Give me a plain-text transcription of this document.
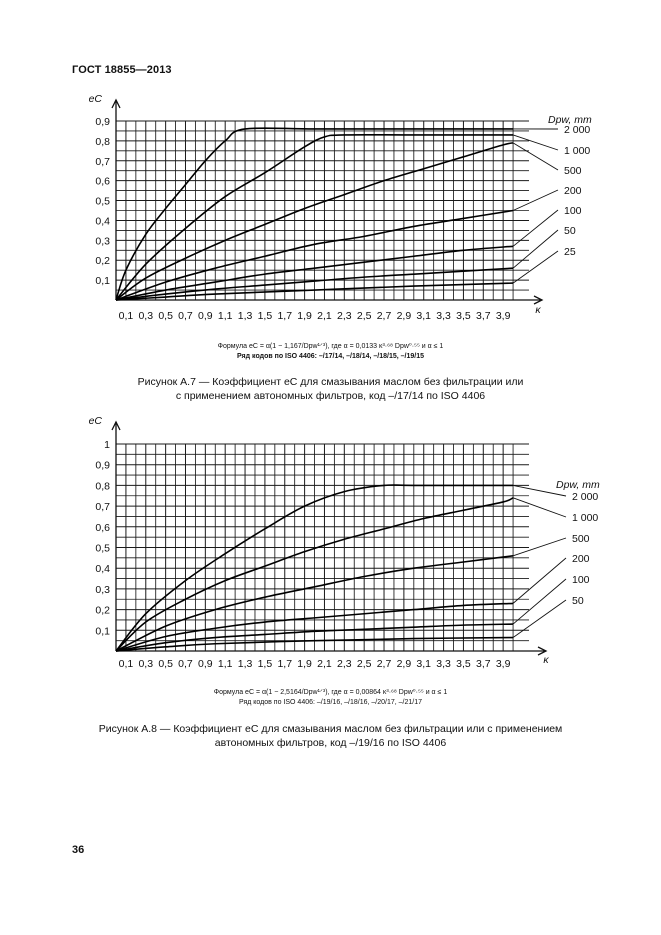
ГОСТ 18855—2013
0,1
0,2
0,3
0,4
0,5
0,6
0,7
0,8
0,9
eC
0,1 0,3 0,5 0,7 0,9 1,1 1,3 1,5 1,7 1,9 2,1 2,3 2,5 2,7 2,9 3,1 3,3 3,5 3,7 3,9 κ
Dpw, mm
2 000
1 000
500
200
100
50
25
Формула eC = α(1 − 1,167/Dpw¹ᐟ³), где α = 0,0133 κ³·⁶⁸ Dpw⁰·⁵⁵ и α ≤ 1
Ряд кодов по ISO 4406: –/17/14, –/18/14, –/18/15, –/19/15
Рисунок А.7 — Коэффициент eC для смазывания маслом без фильтрации или
с применением автономных фильтров, код –/17/14 по ISO 4406
0,1
0,2
0,3
0,4
0,5
0,6
0,7
0,8
0,9
1
eC
0,1 0,3 0,5 0,7 0,9 1,1 1,3 1,5 1,7 1,9 2,1 2,3 2,5 2,7 2,9 3,1 3,3 3,5 3,7 3,9	κ
Dpw, mm
2 000
1 000
500
200
100
50
Формула eC = α(1 − 2,5164/Dpw¹ᐟ³), где α = 0,00864 κ³·⁶⁸ Dpw⁰·⁵⁵ и α ≤ 1
Ряд кодов по ISO 4406: –/19/16, –/18/16, –/20/17, –/21/17
Рисунок А.8 — Коэффициент eC для смазывания маслом без фильтрации или с применением
автономных фильтров, код –/19/16 по ISO 4406
36
